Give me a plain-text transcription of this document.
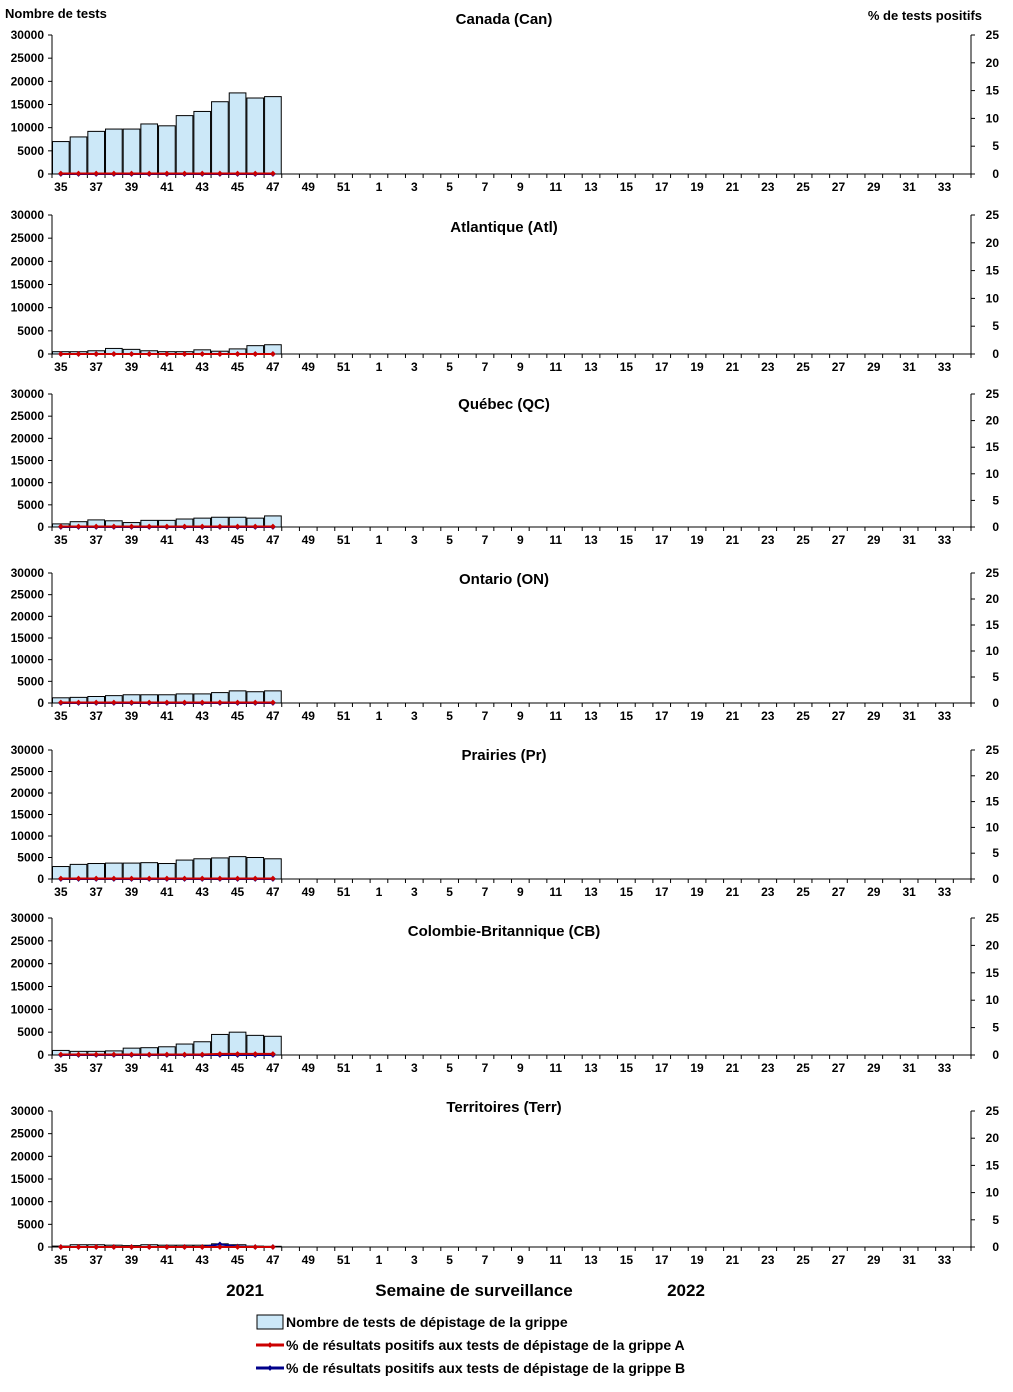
Nombre de tests	% de tests positifs
Canada (Can)
0
5000
10000
15000
20000
25000
30000
0
5
10
15
20
25
35 37 39 41 43 45 47 49 51 1 3 5 7 9 11 13 15 17 19 21 23 25 27 29 31 33
Atlantique (Atl)
0
5000
10000
15000
20000
25000
30000
0
5
10
15
20
25
35 37 39 41 43 45 47 49 51 1 3 5 7 9 11 13 15 17 19 21 23 25 27 29 31 33
Québec (QC)
0
5000
10000
15000
20000
25000
30000
0
5
10
15
20
25
35 37 39 41 43 45 47 49 51 1 3 5 7 9 11 13 15 17 19 21 23 25 27 29 31 33
Ontario (ON)
0
5000
10000
15000
20000
25000
30000
0
5
10
15
20
25
35 37 39 41 43 45 47 49 51 1 3 5 7 9 11 13 15 17 19 21 23 25 27 29 31 33
Prairies (Pr)
0
5000
10000
15000
20000
25000
30000
0
5
10
15
20
25
35 37 39 41 43 45 47 49 51 1 3 5 7 9 11 13 15 17 19 21 23 25 27 29 31 33
Colombie-Britannique (CB)
0
5000
10000
15000
20000
25000
30000
0
5
10
15
20
25
35 37 39 41 43 45 47 49 51 1 3 5 7 9 11 13 15 17 19 21 23 25 27 29 31 33
Territoires (Terr)
0
5000
10000
15000
20000
25000
30000
0
5
10
15
20
25
35 37 39 41 43 45 47 49 51 1 3 5 7 9 11 13 15 17 19 21 23 25 27 29 31 33
2021	Semaine de surveillance	2022
Nombre de tests de dépistage de la grippe
% de résultats positifs aux tests de dépistage de la grippe A
% de résultats positifs aux tests de dépistage de la grippe B
